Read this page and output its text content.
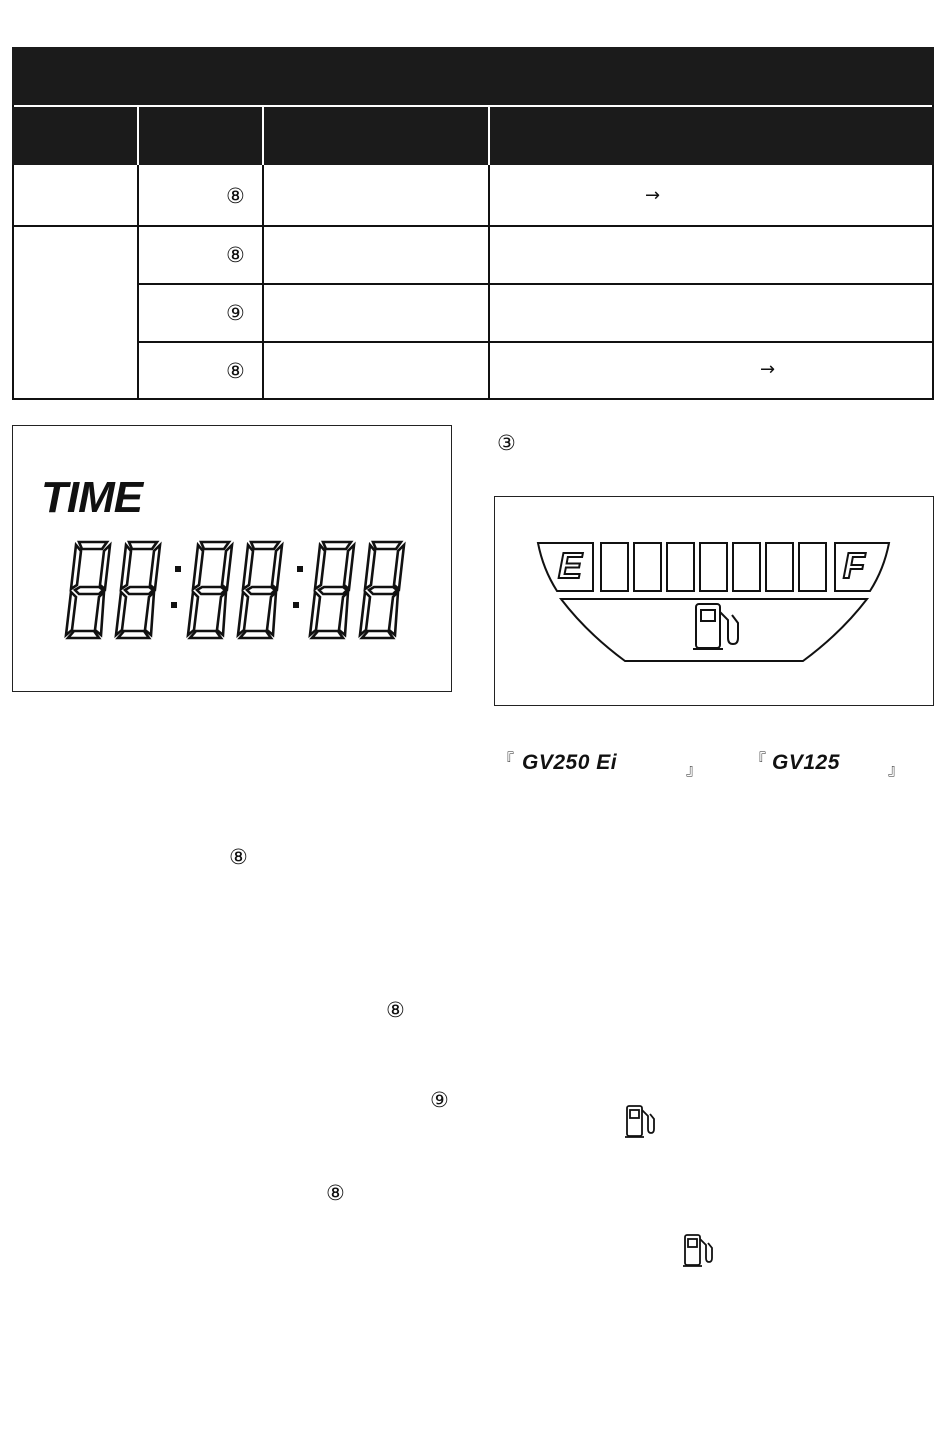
⑧	→
⑧
⑨
⑧	→
TIME
③
E	F
『 GV250 Ei	』
『 GV125	』
⑧
⑧
⑨
⑧
